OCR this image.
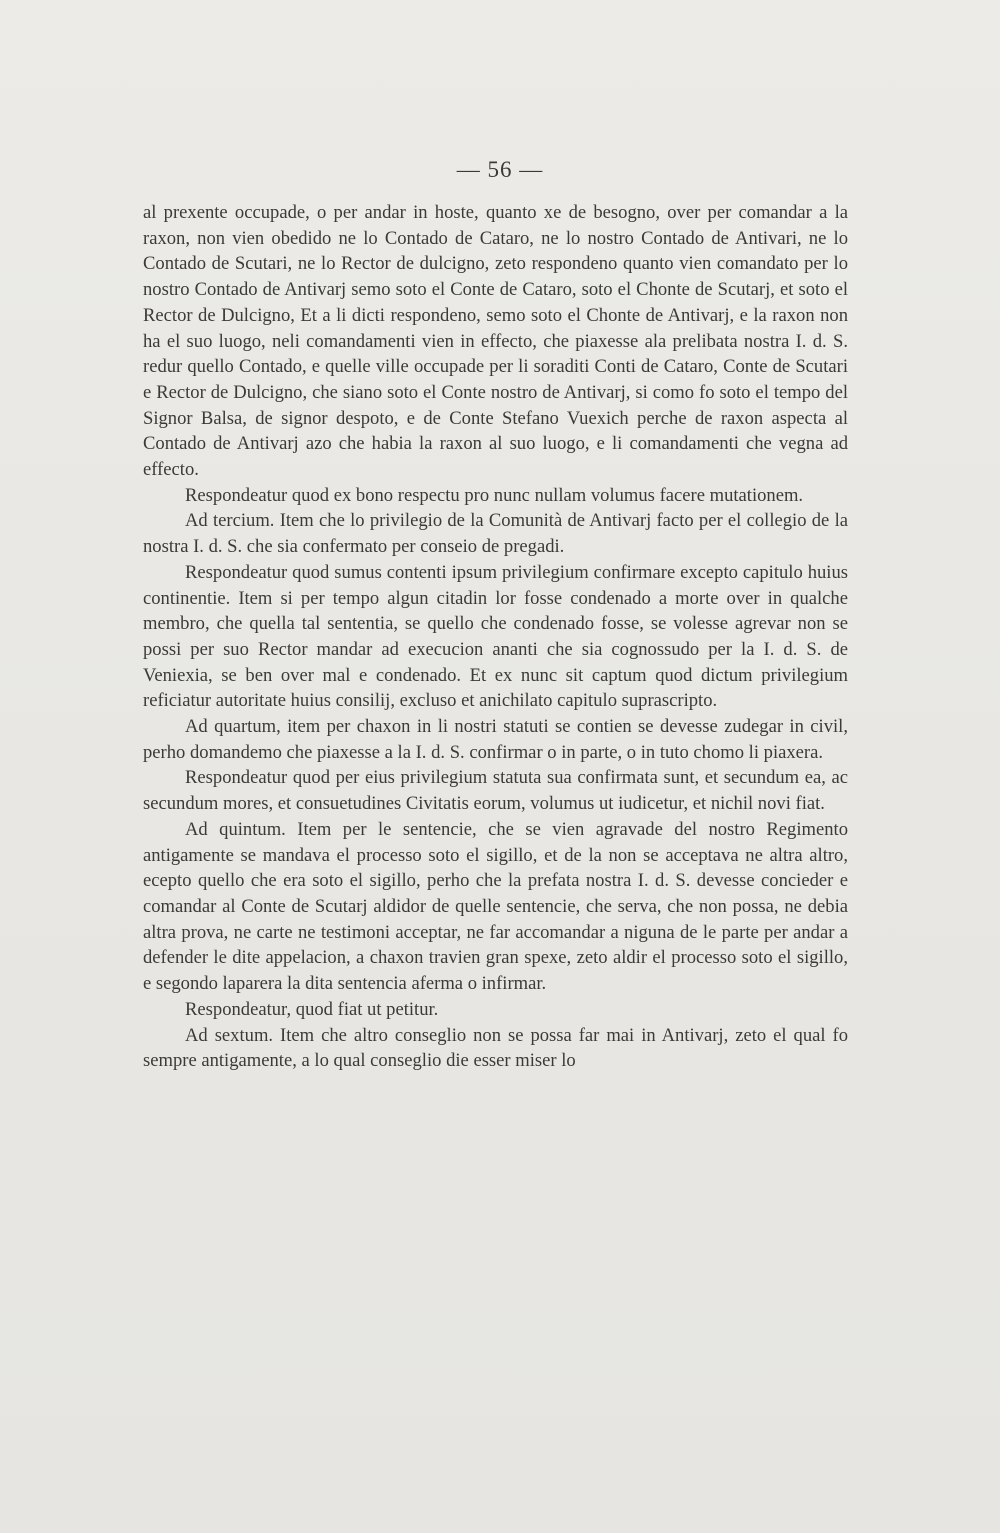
— 56 —

al prexente occupade, o per andar in hoste, quanto xe de besogno, over per comandar a la raxon, non vien obedido ne lo Contado de Cataro, ne lo nostro Contado de Antivari, ne lo Contado de Scutari, ne lo Rector de dulcigno, zeto respondeno quanto vien comandato per lo nostro Contado de Antivarj semo soto el Conte de Cataro, soto el Chonte de Scutarj, et soto el Rector de Dulcigno, Et a li dicti respondeno, semo soto el Chonte de Antivarj, e la raxon non ha el suo luogo, neli comandamenti vien in effecto, che piaxesse ala prelibata nostra I. d. S. redur quello Contado, e quelle ville occupade per li soraditi Conti de Cataro, Conte de Scutari e Rector de Dulcigno, che siano soto el Conte nostro de Antivarj, si como fo soto el tempo del Signor Balsa, de signor despoto, e de Conte Stefano Vuexich perche de raxon aspecta al Contado de Antivarj azo che habia la raxon al suo luogo, e li comandamenti che vegna ad effecto.

Respondeatur quod ex bono respectu pro nunc nullam volumus facere mutationem.

Ad tercium. Item che lo privilegio de la Comunità de Antivarj facto per el collegio de la nostra I. d. S. che sia confermato per conseio de pregadi.

Respondeatur quod sumus contenti ipsum privilegium confirmare excepto capitulo huius continentie. Item si per tempo algun citadin lor fosse condenado a morte over in qualche membro, che quella tal sententia, se quello che condenado fosse, se volesse agrevar non se possi per suo Rector mandar ad execucion ananti che sia cognossudo per la I. d. S. de Veniexia, se ben over mal e condenado. Et ex nunc sit captum quod dictum privilegium reficiatur autoritate huius consilij, excluso et anichilato capitulo suprascripto.

Ad quartum, item per chaxon in li nostri statuti se contien se devesse zudegar in civil, perho domandemo che piaxesse a la I. d. S. confirmar o in parte, o in tuto chomo li piaxera.

Respondeatur quod per eius privilegium statuta sua confirmata sunt, et secundum ea, ac secundum mores, et consuetudines Civitatis eorum, volumus ut iudicetur, et nichil novi fiat.

Ad quintum. Item per le sentencie, che se vien agravade del nostro Regimento antigamente se mandava el processo soto el sigillo, et de la non se acceptava ne altra altro, ecepto quello che era soto el sigillo, perho che la prefata nostra I. d. S. devesse concieder e comandar al Conte de Scutarj aldidor de quelle sentencie, che serva, che non possa, ne debia altra prova, ne carte ne testimoni acceptar, ne far accomandar a niguna de le parte per andar a defender le dite appelacion, a chaxon travien gran spexe, zeto aldir el processo soto el sigillo, e segondo laparera la dita sentencia aferma o infirmar.

Respondeatur, quod fiat ut petitur.

Ad sextum. Item che altro conseglio non se possa far mai in Antivarj, zeto el qual fo sempre antigamente, a lo qual conseglio die esser miser lo
